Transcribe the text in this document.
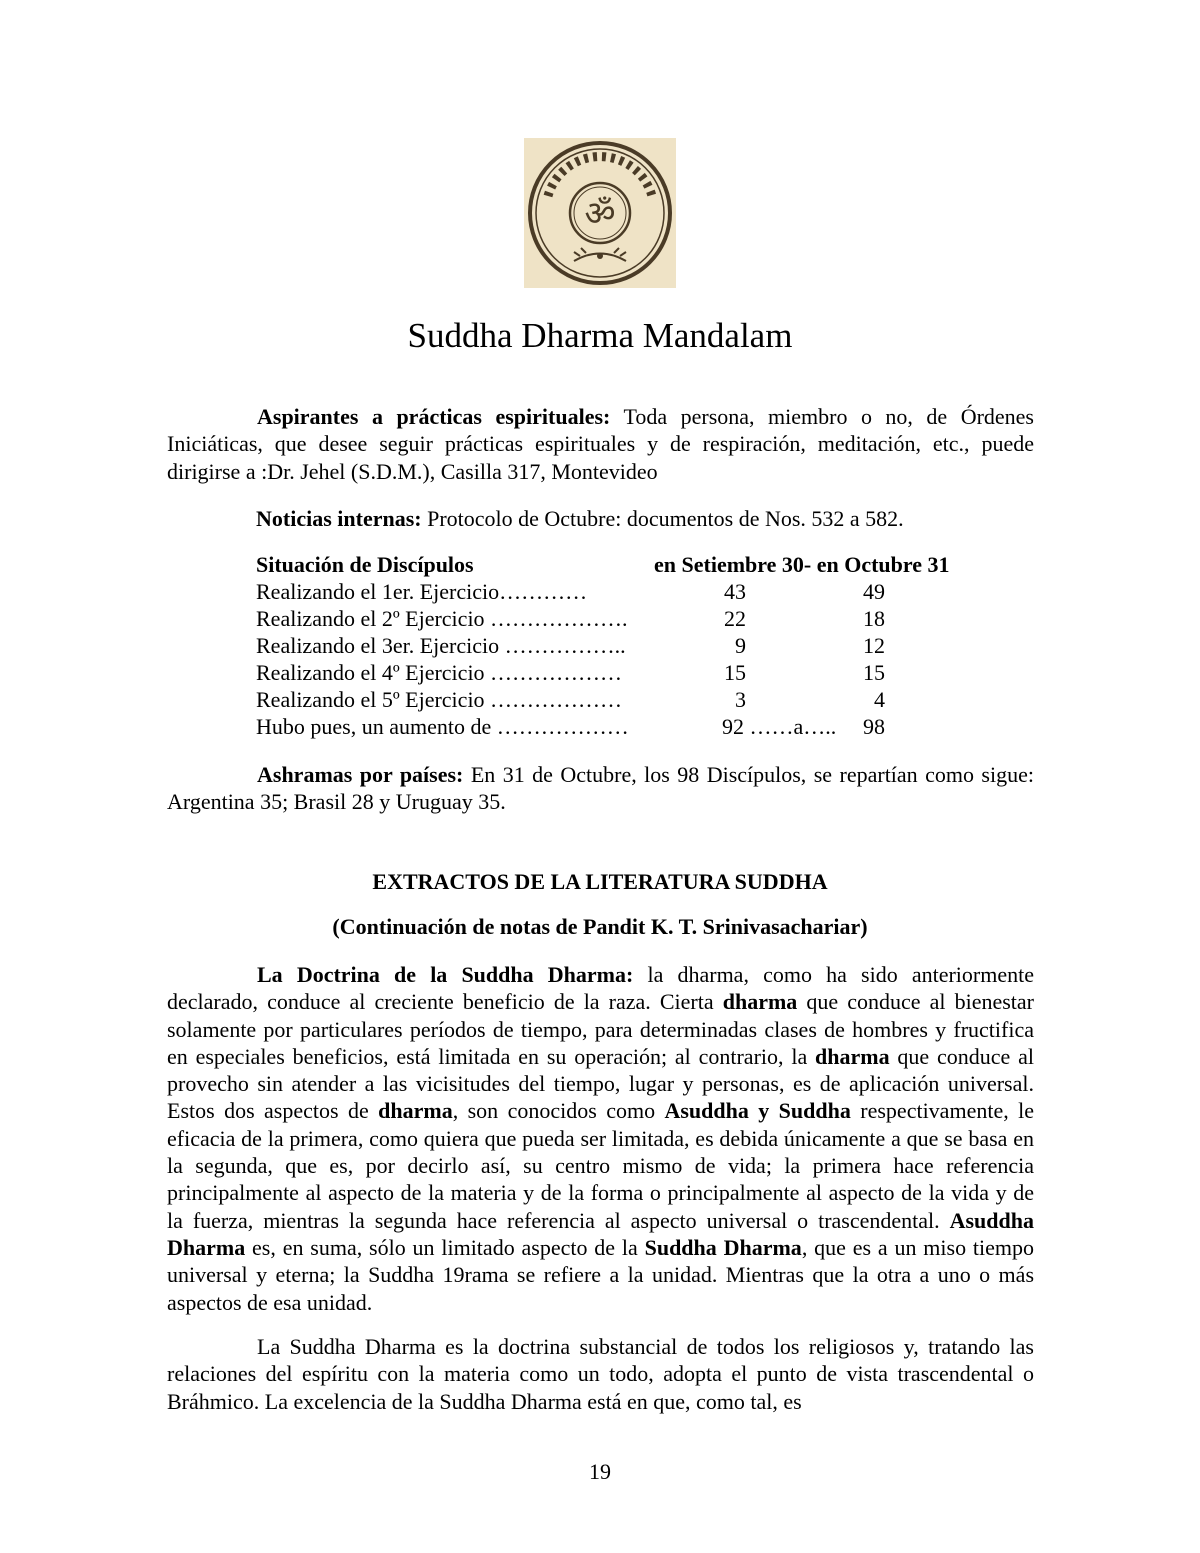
ॐ
Suddha Dharma Mandalam
Aspirantes a prácticas espirituales: Toda persona, miembro o no, de Órdenes Iniciáticas, que desee seguir prácticas espirituales y de respiración, meditación, etc., puede dirigirse a :Dr. Jehel (S.D.M.), Casilla 317, Montevideo
Noticias internas: Protocolo de Octubre: documentos de Nos. 532 a 582.
Situación de Discípulos	en Setiembre 30- en Octubre 31
Realizando el 1er. Ejercicio…………	43	49
Realizando el 2º Ejercicio ……………….	22	18
Realizando el 3er. Ejercicio ……………..	9	12
Realizando el 4º Ejercicio ………………	15	15
Realizando el 5º Ejercicio ………………	3	4
Hubo pues, un aumento de ………………	92 ……a….. 98
Ashramas por países: En 31 de Octubre, los 98 Discípulos, se repartían como sigue: Argentina 35; Brasil 28 y Uruguay 35.
EXTRACTOS DE LA LITERATURA SUDDHA
(Continuación de notas de Pandit K. T. Srinivasachariar)
La Doctrina de la Suddha Dharma: la dharma, como ha sido anteriormente declarado, conduce al creciente beneficio de la raza. Cierta dharma que conduce al bienestar solamente por particulares períodos de tiempo, para determinadas clases de hombres y fructifica en especiales beneficios, está limitada en su operación; al contrario, la dharma que conduce al provecho sin atender a las vicisitudes del tiempo, lugar y personas, es de aplicación universal. Estos dos aspectos de dharma, son conocidos como Asuddha y Suddha respectivamente, le eficacia de la primera, como quiera que pueda ser limitada, es debida únicamente a que se basa en la segunda, que es, por decirlo así, su centro mismo de vida; la primera hace referencia principalmente al aspecto de la materia y de la forma o principalmente al aspecto de la vida y de la fuerza, mientras la segunda hace referencia al aspecto universal o trascendental. Asuddha Dharma es, en suma, sólo un limitado aspecto de la Suddha Dharma, que es a un miso tiempo universal y eterna; la Suddha 19rama se refiere a la unidad. Mientras que la otra a uno o más aspectos de esa unidad.
La Suddha Dharma es la doctrina substancial de todos los religiosos y, tratando las relaciones del espíritu con la materia como un todo, adopta el punto de vista trascendental o Bráhmico. La excelencia de la Suddha Dharma está en que, como tal, es
19
